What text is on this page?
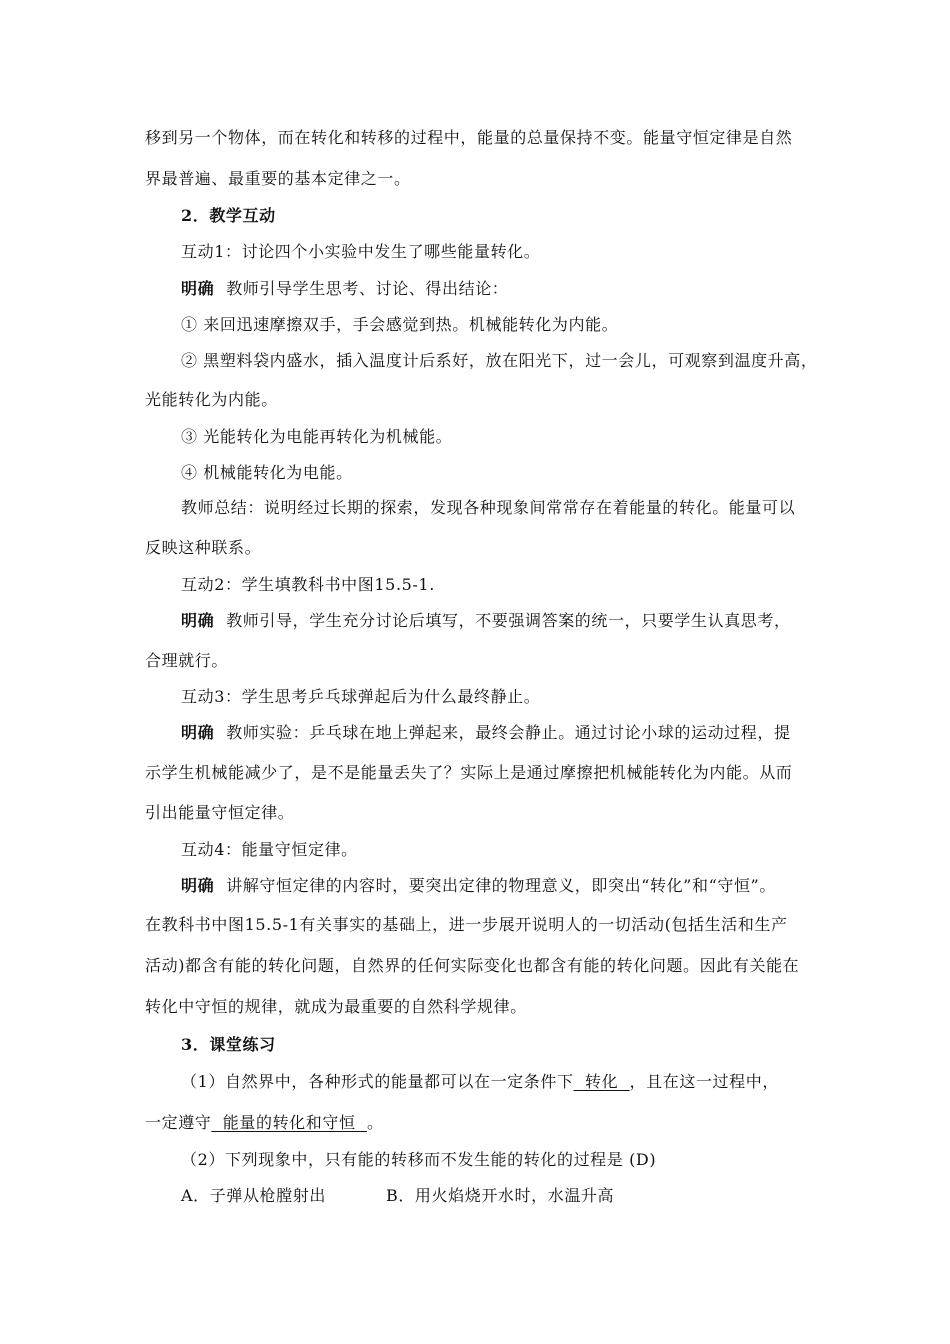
移到另一个物体，而在转化和转移的过程中，能量的总量保持不变。能量守恒定律是自然
界最普遍、最重要的基本定律之一。
2．教学互动
互动1：讨论四个小实验中发生了哪些能量转化。
明确 教师引导学生思考、讨论、得出结论：
① 来回迅速摩擦双手，手会感觉到热。机械能转化为内能。
② 黑塑料袋内盛水，插入温度计后系好，放在阳光下，过一会儿，可观察到温度升高，
光能转化为内能。
③ 光能转化为电能再转化为机械能。
④ 机械能转化为电能。
教师总结：说明经过长期的探索，发现各种现象间常常存在着能量的转化。能量可以
反映这种联系。
互动2：学生填教科书中图15.5-1.
明确 教师引导，学生充分讨论后填写，不要强调答案的统一，只要学生认真思考，
合理就行。
互动3：学生思考乒乓球弹起后为什么最终静止。
明确 教师实验：乒乓球在地上弹起来，最终会静止。通过讨论小球的运动过程，提
示学生机械能减少了，是不是能量丢失了？实际上是通过摩擦把机械能转化为内能。从而
引出能量守恒定律。
互动4：能量守恒定律。
明确 讲解守恒定律的内容时，要突出定律的物理意义，即突出“转化”和“守恒”。
在教科书中图15.5-1有关事实的基础上，进一步展开说明人的一切活动(包括生活和生产
活动)都含有能的转化问题，自然界的任何实际变化也都含有能的转化问题。因此有关能在
转化中守恒的规律，就成为最重要的自然科学规律。
3．课堂练习
（1）自然界中，各种形式的能量都可以在一定条件下  转化  ，且在这一过程中，
一定遵守  能量的转化和守恒  。
（2）下列现象中，只有能的转移而不发生能的转化的过程是 (D)
A．子弹从枪膛射出	B．用火焰烧开水时，水温升高
